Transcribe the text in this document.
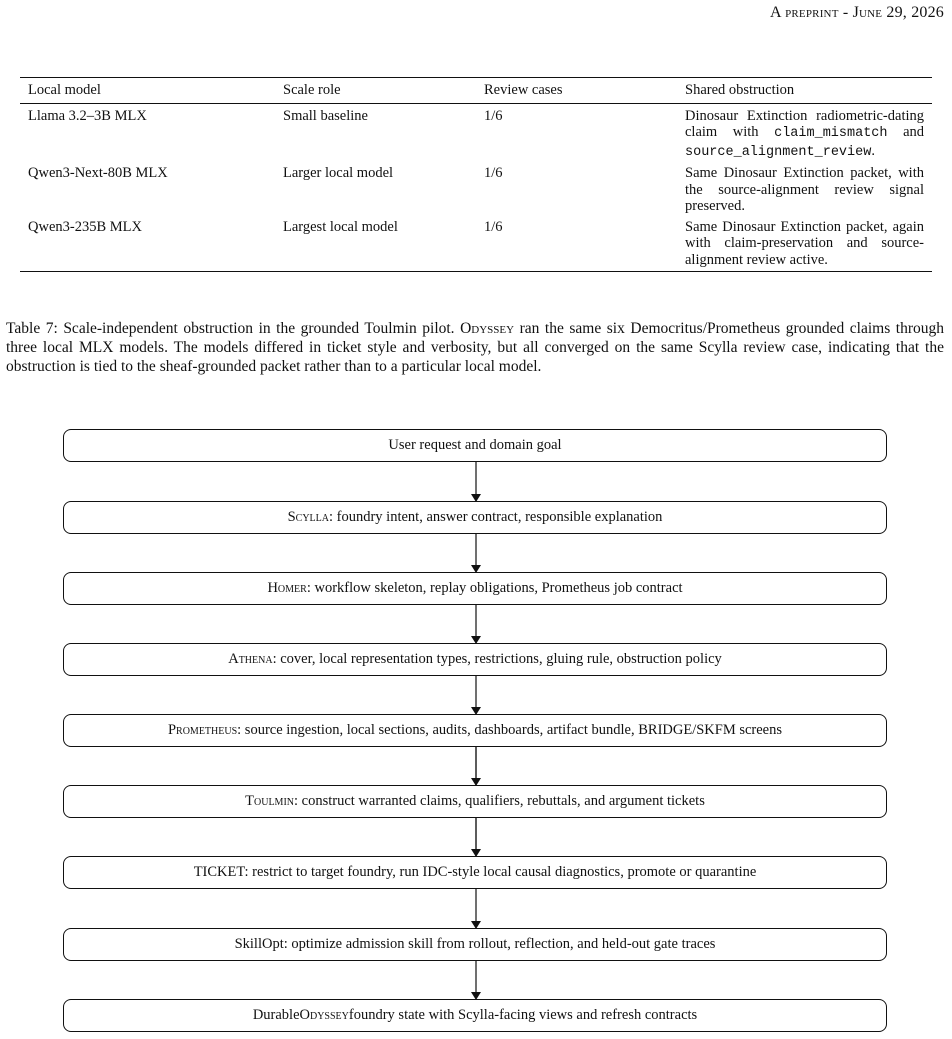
A preprint - June 29, 2026
Local model	Scale role	Review cases	Shared obstruction
Llama 3.2–3B MLX	Small baseline	1/6	Dinosaur Extinction radiometric-dating claim with claim_mismatch and source_alignment_review.
Qwen3-Next-80B MLX	Larger local model	1/6	Same Dinosaur Extinction packet, with the source-alignment review signal preserved.
Qwen3-235B MLX	Largest local model	1/6	Same Dinosaur Extinction packet, again with claim-preservation and source-alignment review active.
Table 7: Scale-independent obstruction in the grounded Toulmin pilot. Odyssey ran the same six Democritus/Prometheus grounded claims through three local MLX models. The models differed in ticket style and verbosity, but all converged on the same Scylla review case, indicating that the obstruction is tied to the sheaf-grounded packet rather than to a particular local model.
User request and domain goal
Scylla : foundry intent, answer contract, responsible explanation
Homer : workflow skeleton, replay obligations, Prometheus job contract
Athena : cover, local representation types, restrictions, gluing rule, obstruction policy
Prometheus : source ingestion, local sections, audits, dashboards, artifact bundle, BRIDGE/SKFM screens
Toulmin : construct warranted claims, qualifiers, rebuttals, and argument tickets
TICKET: restrict to target foundry, run IDC-style local causal diagnostics, promote or quarantine
SkillOpt: optimize admission skill from rollout, reflection, and held-out gate traces
Durable Odyssey foundry state with Scylla-facing views and refresh contracts
